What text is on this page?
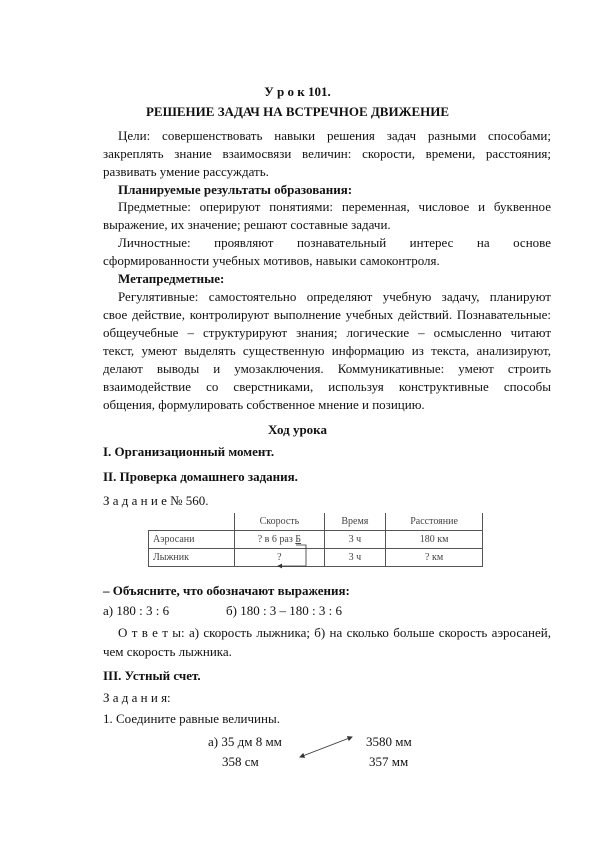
У р о к 101.
РЕШЕНИЕ ЗАДАЧ НА ВСТРЕЧНОЕ ДВИЖЕНИЕ
Цели: совершенствовать навыки решения задач разными способами;
закреплять знание взаимосвязи величин: скорости, времени, расстояния;
развивать умение рассуждать.
Планируемые результаты образования:
Предметные: оперируют понятиями: переменная, числовое и буквенное
выражение, их значение; решают составные задачи.
Личностные: проявляют познавательный интерес на основе
сформированности учебных мотивов, навыки самоконтроля.
Метапредметные:
Регулятивные: самостоятельно определяют учебную задачу, планируют
свое действие, контролируют выполнение учебных действий. Познавательные:
общеучебные – структурируют знания; логические – осмысленно читают
текст, умеют выделять существенную информацию из текста, анализируют,
делают выводы и умозаключения. Коммуникативные: умеют строить
взаимодействие со сверстниками, используя конструктивные способы
общения, формулировать собственное мнение и позицию.
Ход урока
I. Организационный момент.
II. Проверка домашнего задания.
З а д а н и е № 560.
	Скорость	Время	Расстояние
Аэросани	? в 6 раз Б	3 ч	180 км
Лыжник	?	3 ч	? км
– Объясните, что обозначают выражения:
а) 180 : 3 : 6	б) 180 : 3 – 180 : 3 : 6
О т в е т ы: а) скорость лыжника; б) на сколько больше скорость аэросаней,
чем скорость лыжника.
III. Устный счет.
З а д а н и я:
1. Соедините равные величины.
а) 35 дм 8 мм
358 см
3580 мм
357 мм
